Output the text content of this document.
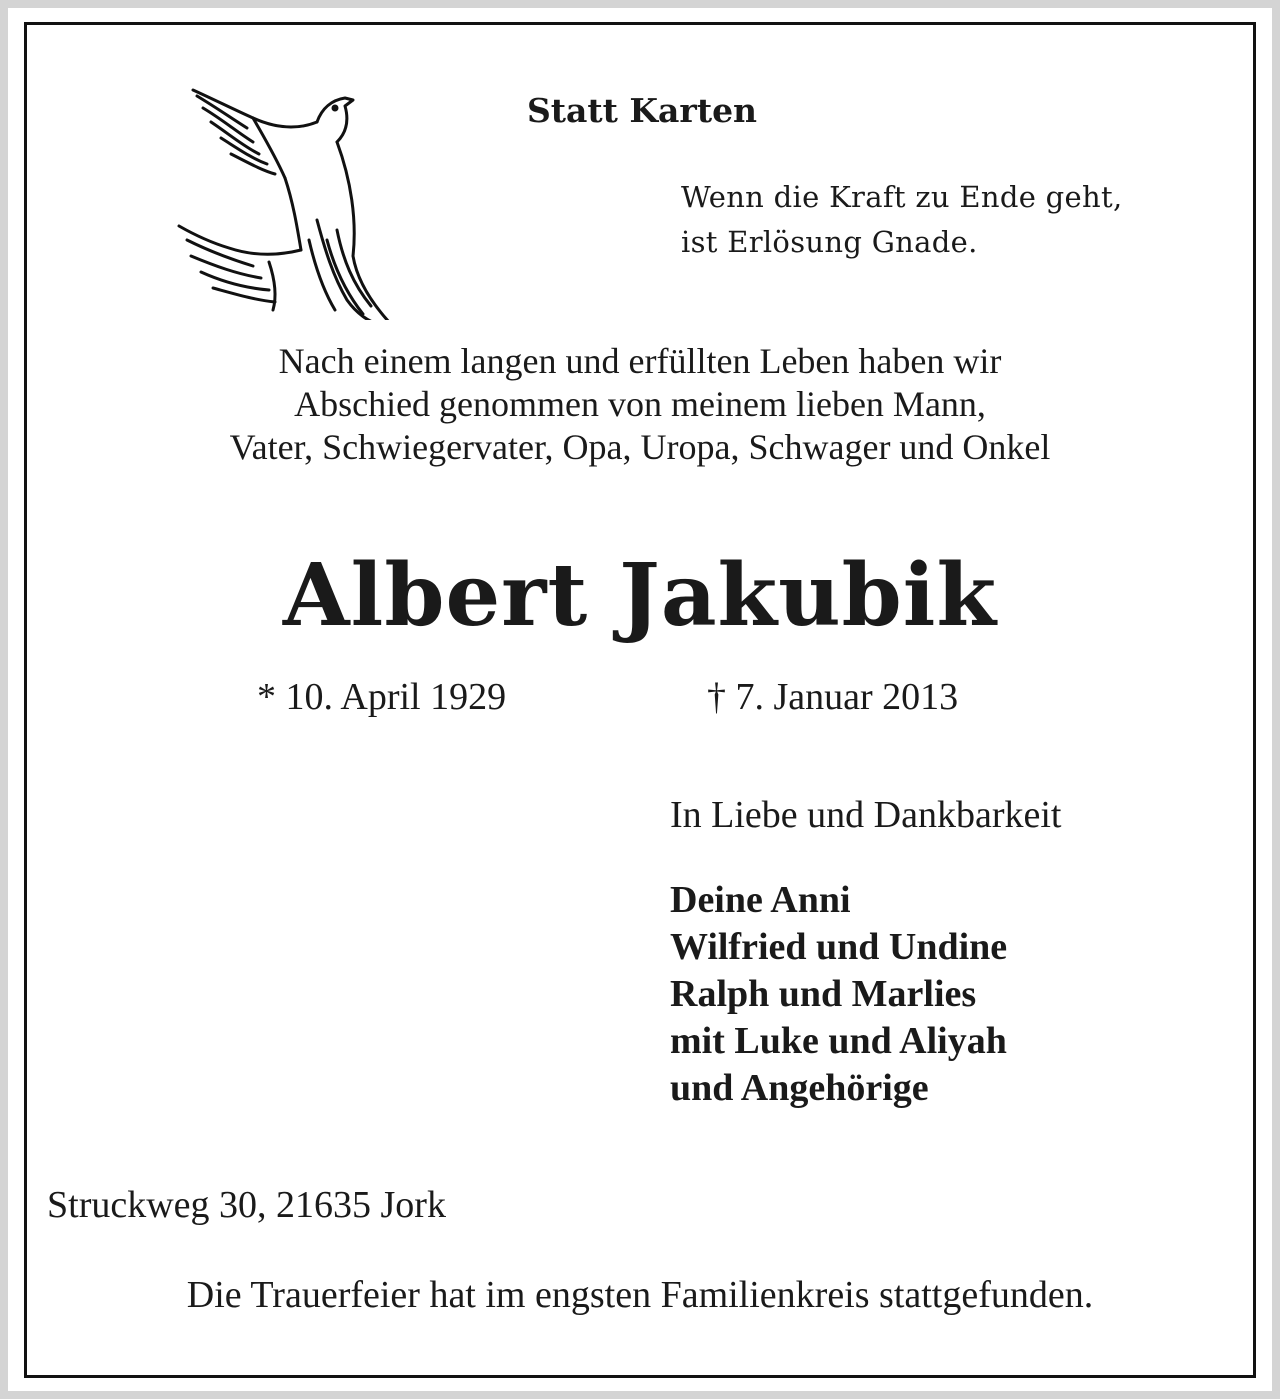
Statt Karten
Wenn die Kraft zu Ende geht,
ist Erlösung Gnade.
Nach einem langen und erfüllten Leben haben wir
Abschied genommen von meinem lieben Mann,
Vater, Schwiegervater, Opa, Uropa, Schwager und Onkel
Albert Jakubik
* 10. April 1929	† 7. Januar 2013
In Liebe und Dankbarkeit
Deine Anni
Wilfried und Undine
Ralph und Marlies
mit Luke und Aliyah
und Angehörige
Struckweg 30, 21635 Jork
Die Trauerfeier hat im engsten Familienkreis stattgefunden.
